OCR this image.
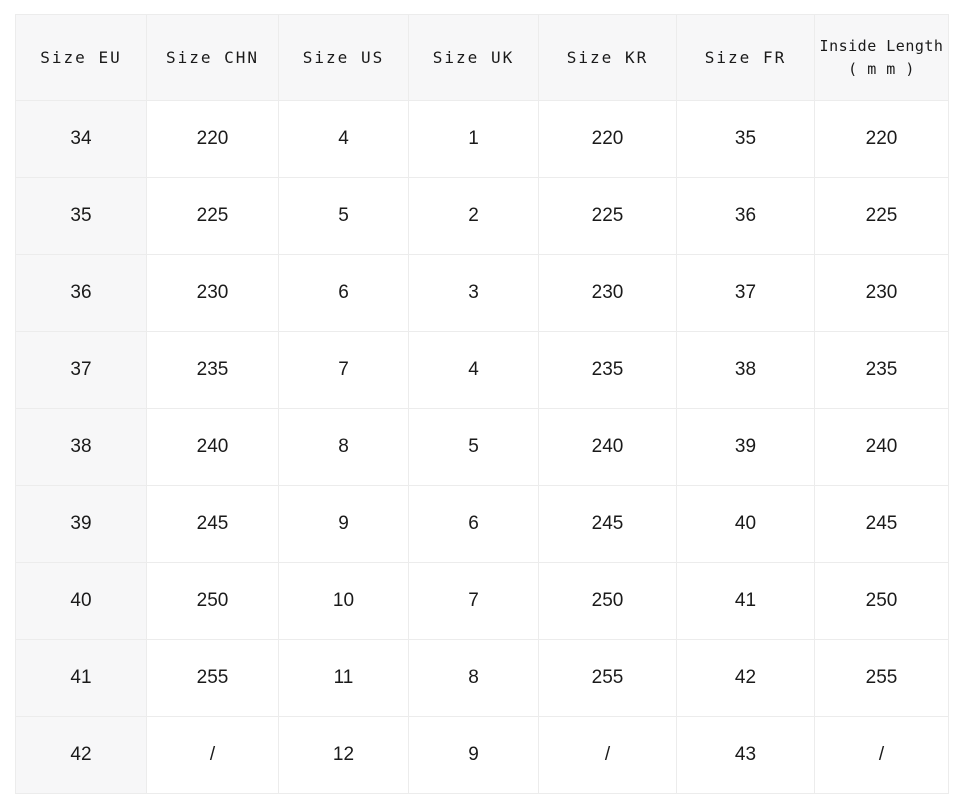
Size EU	Size CHN	Size US	Size UK	Size KR	Size FR	Inside Length
( m m )

34	220	4	1	220	35	220
35	225	5	2	225	36	225
36	230	6	3	230	37	230
37	235	7	4	235	38	235
38	240	8	5	240	39	240
39	245	9	6	245	40	245
40	250	10	7	250	41	250
41	255	11	8	255	42	255
42	/	12	9	/	43	/
